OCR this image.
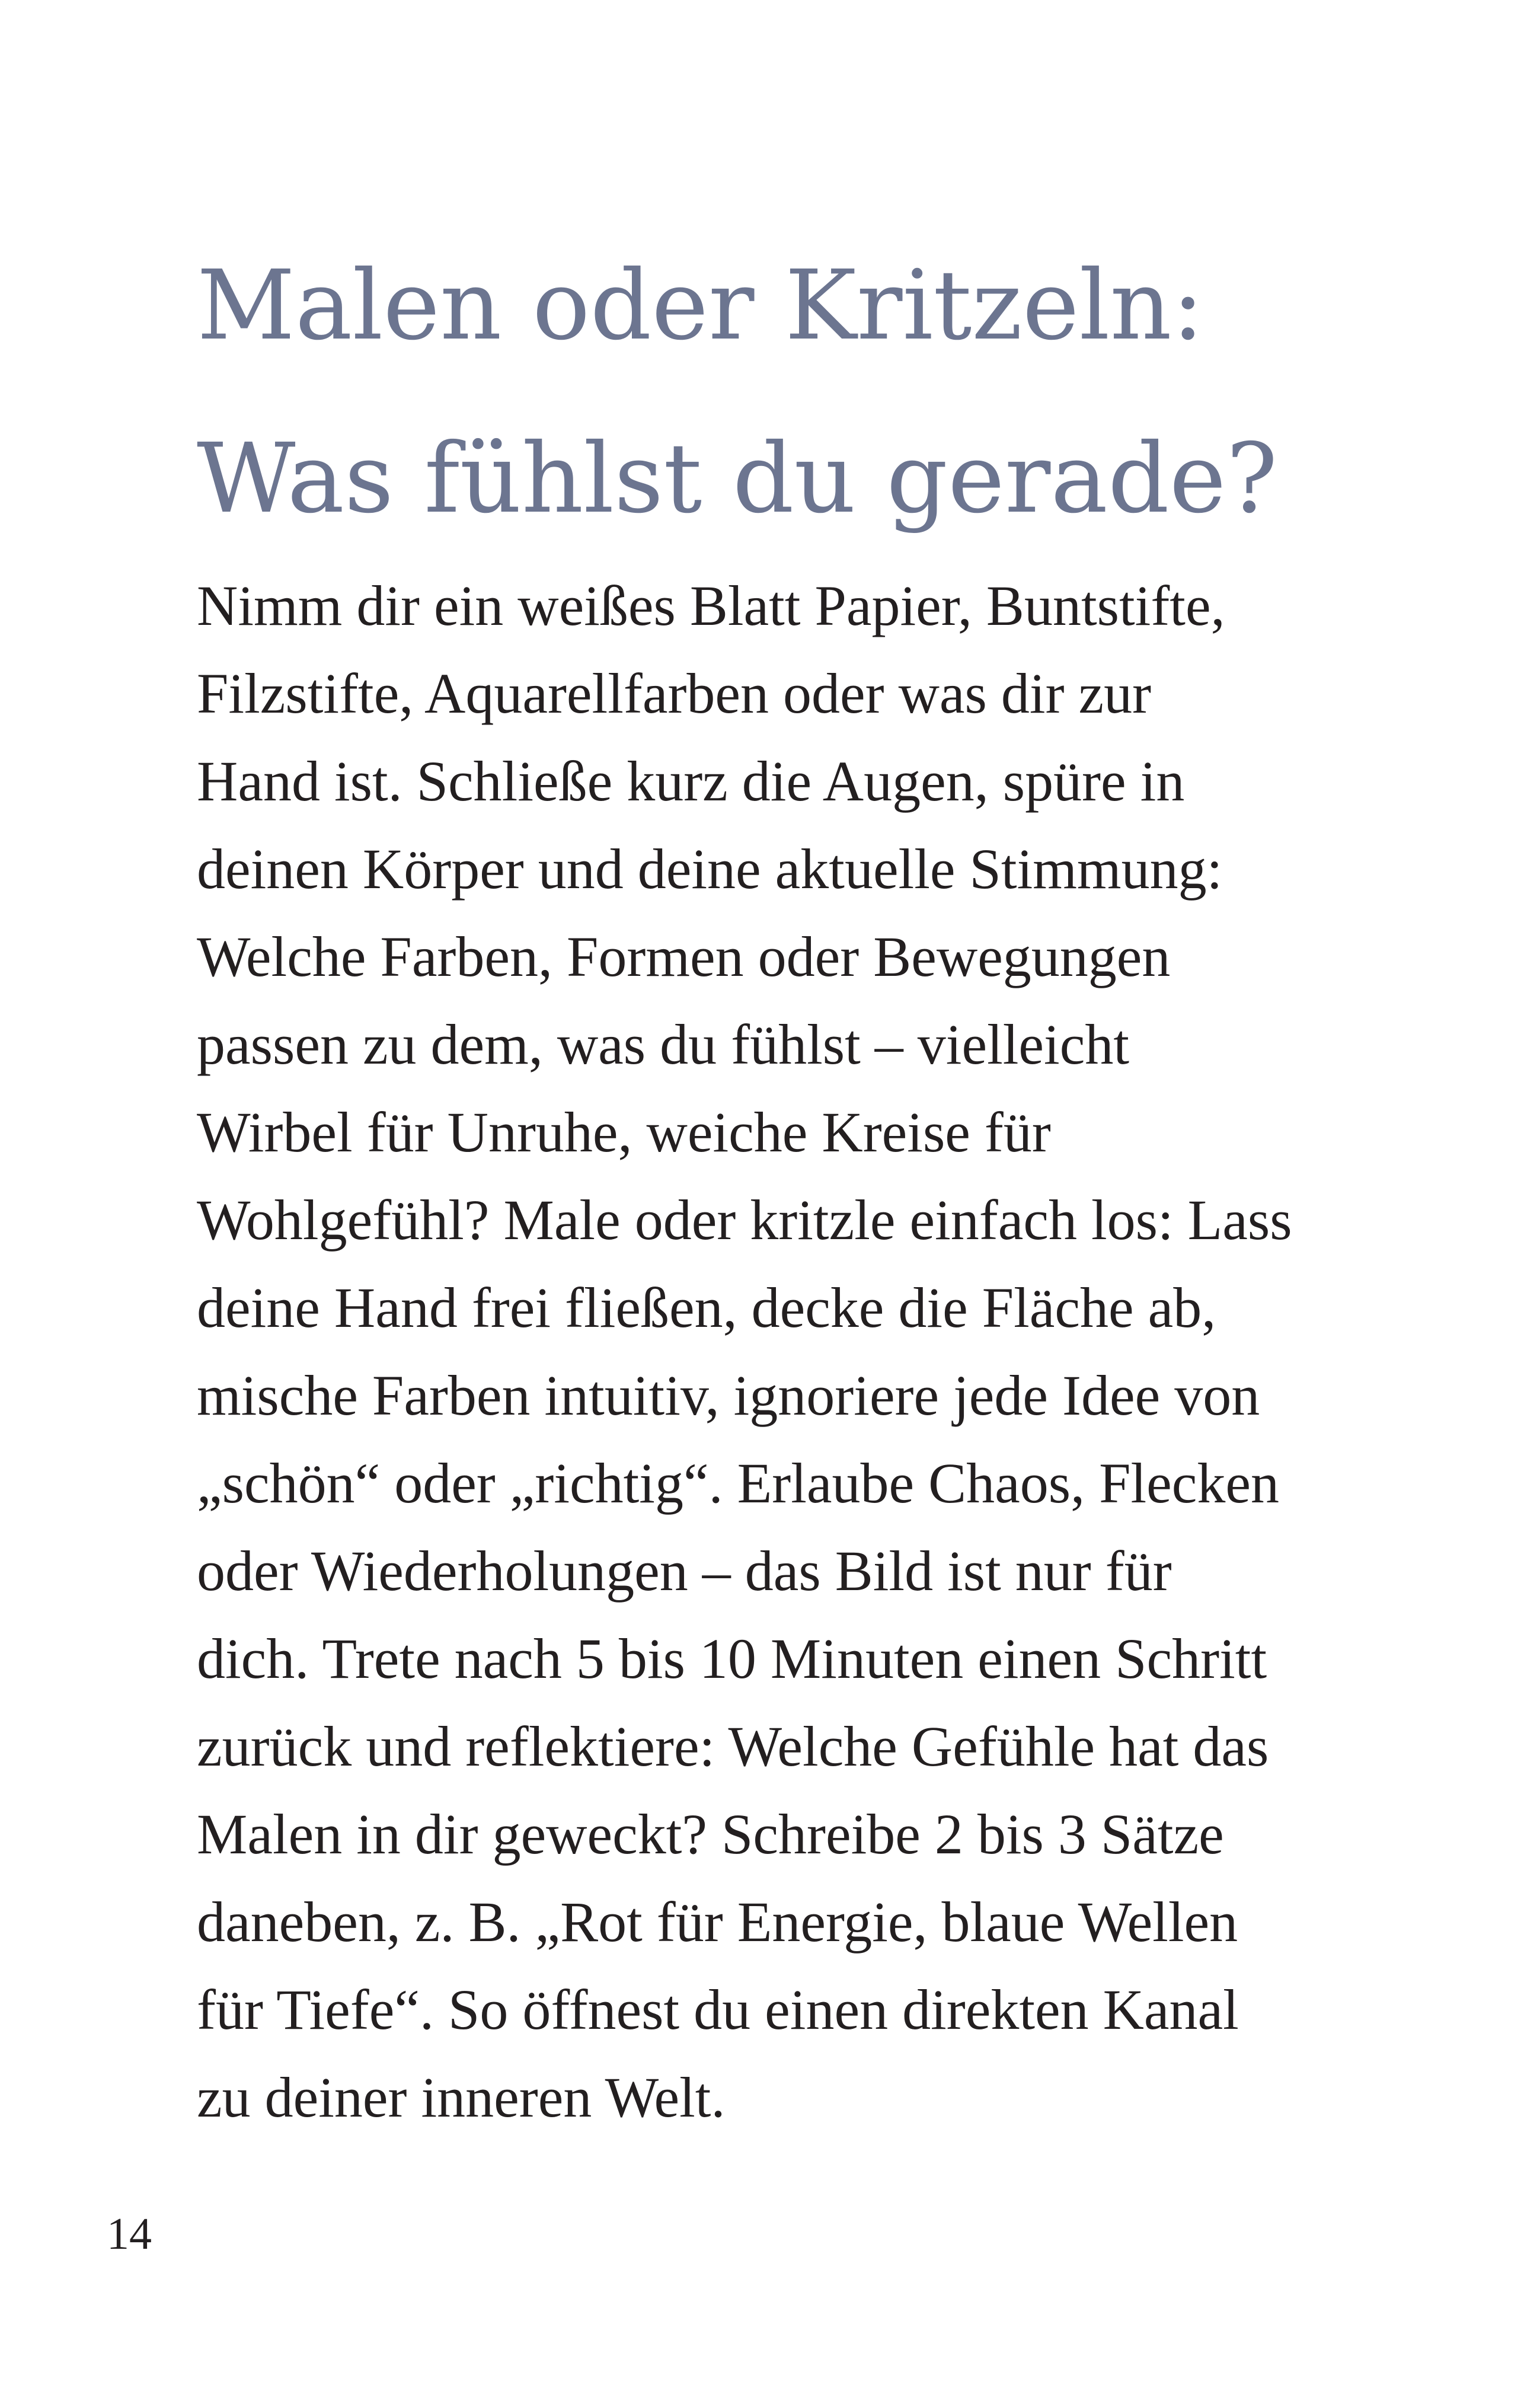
Malen oder Kritzeln:
Was fühlst du gerade?
Nimm dir ein weißes Blatt Papier, Buntstifte,
Filzstifte, Aquarellfarben oder was dir zur
Hand ist. Schließe kurz die Augen, spüre in
deinen Körper und deine aktuelle Stimmung:
Welche Farben, Formen oder Bewegungen
passen zu dem, was du fühlst – vielleicht
Wirbel für Unruhe, weiche Kreise für
Wohlgefühl? Male oder kritzle einfach los: Lass
deine Hand frei fließen, decke die Fläche ab,
mische Farben intuitiv, ignoriere jede Idee von
„schön“ oder „richtig“. Erlaube Chaos, Flecken
oder Wiederholungen – das Bild ist nur für
dich. Trete nach 5 bis 10 Minuten einen Schritt
zurück und reflektiere: Welche Gefühle hat das
Malen in dir geweckt? Schreibe 2 bis 3 Sätze
daneben, z. B. „Rot für Energie, blaue Wellen
für Tiefe“. So öffnest du einen direkten Kanal
zu deiner inneren Welt.
14
